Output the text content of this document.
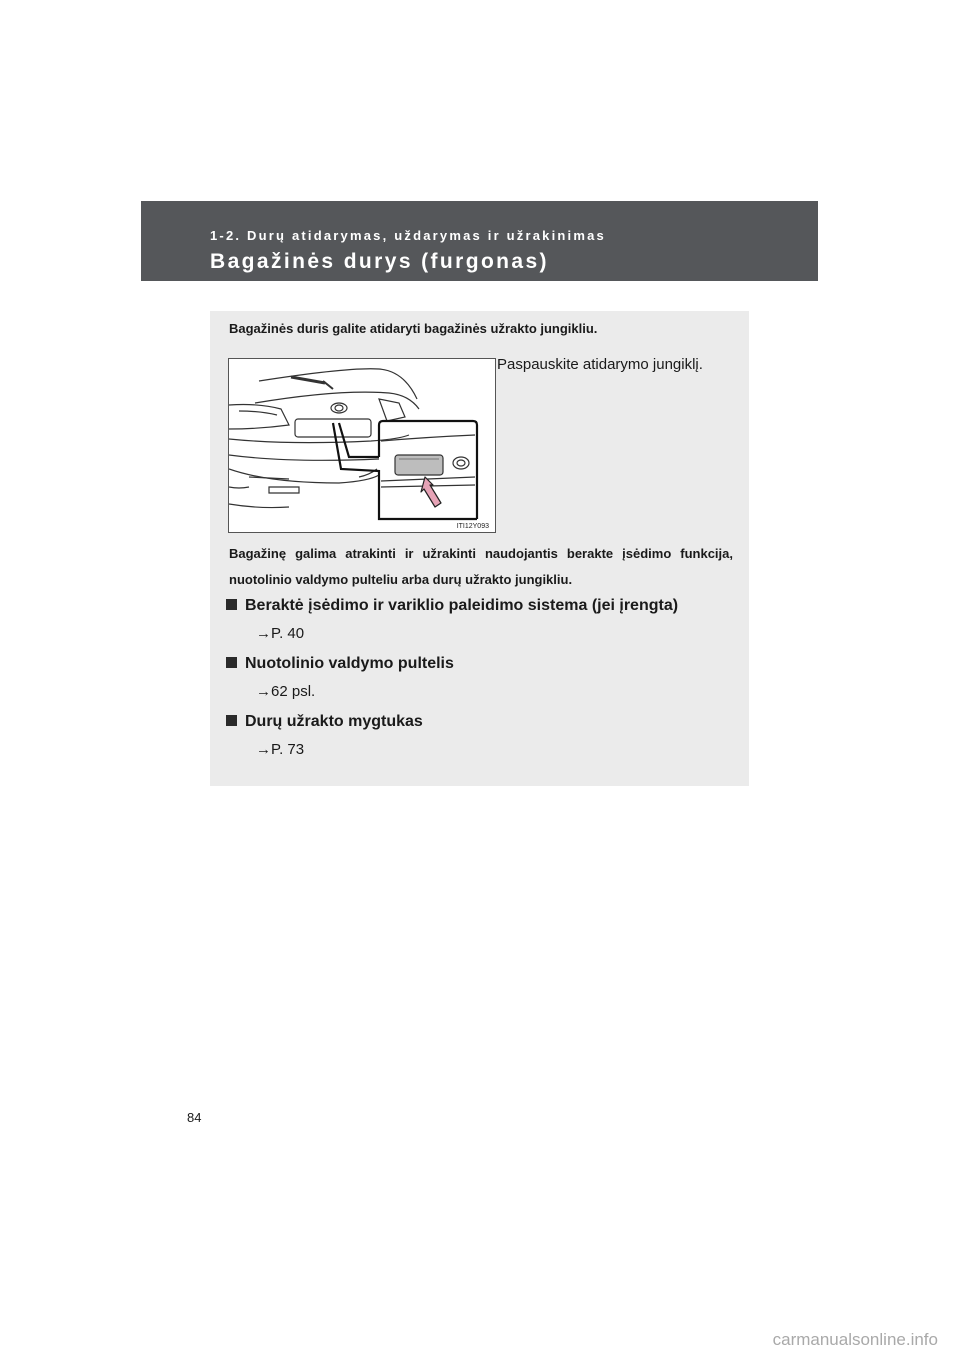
1-2. Durų atidarymas, uždarymas ir užrakinimas
Bagažinės durys (furgonas)
Bagažinės duris galite atidaryti bagažinės užrakto jungikliu.
ITI12Y093
Paspauskite atidarymo jungiklį.
Bagažinę galima atrakinti ir užrakinti naudojantis berakte įsėdimo funkcija, nuotolinio valdymo pulteliu arba durų užrakto jungikliu.
Beraktė įsėdimo ir variklio paleidimo sistema (jei įrengta)
→P. 40
Nuotolinio valdymo pultelis
→62 psl.
Durų užrakto mygtukas
→P. 73
84
carmanualsonline.info
